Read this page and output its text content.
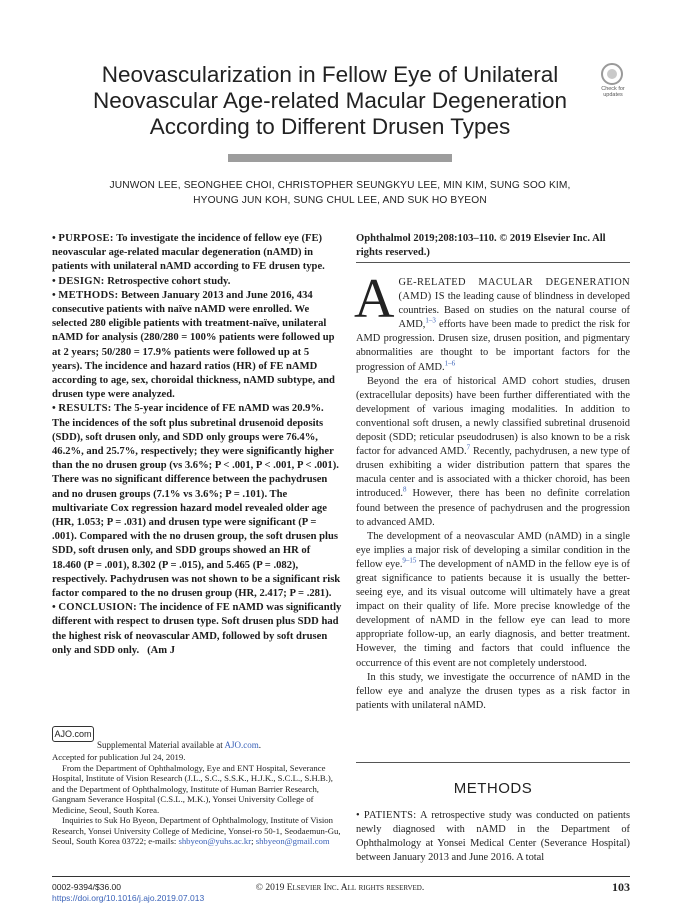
Neovascularization in Fellow Eye of Unilateral
Neovascular Age-related Macular Degeneration
According to Different Drusen Types
Check for updates
JUNWON LEE, SEONGHEE CHOI, CHRISTOPHER SEUNGKYU LEE, MIN KIM, SUNG SOO KIM,
HYOUNG JUN KOH, SUNG CHUL LEE, AND SUK HO BYEON

• PURPOSE: To investigate the incidence of fellow eye (FE) neovascular age-related macular degeneration (nAMD) in patients with unilateral nAMD according to FE drusen type.

• DESIGN: Retrospective cohort study.

• METHODS: Between January 2013 and June 2016, 434 consecutive patients with naïve nAMD were enrolled. We selected 280 eligible patients with treatment-naïve, unilateral nAMD for analysis (280/280 = 100% patients were followed up at 2 years; 50/280 = 17.9% patients were followed up at 5 years). The incidence and hazard ratios (HR) of FE nAMD according to age, sex, choroidal thickness, nAMD subtype, and drusen type were analyzed.

• RESULTS: The 5-year incidence of FE nAMD was 20.9%. The incidences of the soft plus subretinal drusenoid deposits (SDD), soft drusen only, and SDD only groups were 76.4%, 46.2%, and 25.7%, respectively; they were significantly higher than the no drusen group (vs 3.6%; P < .001, P < .001, P < .001). There was no significant difference between the pachydrusen and no drusen groups (7.1% vs 3.6%; P = .101). The multivariate Cox regression hazard model revealed older age (HR, 1.053; P = .031) and drusen type were significant (P = .001). Compared with the no drusen group, the soft drusen plus SDD, soft drusen only, and SDD groups showed an HR of 18.460 (P = .001), 8.302 (P = .015), and 5.465 (P = .082), respectively. Pachydrusen was not shown to be a significant risk factor compared to the no drusen group (HR, 2.417; P = .281).

• CONCLUSION: The incidence of FE nAMD was significantly different with respect to drusen type. Soft drusen plus SDD had the highest risk of neovascular AMD, followed by soft drusen only and SDD only. (Am J

Ophthalmol 2019;208:103–110. © 2019 Elsevier Inc. All rights reserved.)

AGE-RELATED MACULAR DEGENERATION (AMD) IS the leading cause of blindness in developed countries. Based on studies on the natural course of AMD,$^{1-3}$ efforts have been made to predict the risk for AMD progression. Drusen size, drusen position, and pigmentary abnormalities are thought to be important factors for the progression of AMD.$^{1-6}$

Beyond the era of historical AMD cohort studies, drusen (extracellular deposits) have been further differentiated with the development of various imaging modalities. In addition to conventional soft drusen, a newly classified subretinal drusenoid deposit (SDD; reticular pseudodrusen) is also known to be a risk factor for advanced AMD.$^7$ Recently, pachydrusen, a new type of drusen exhibiting a wider distribution pattern that spares the macula center and is associated with a thicker choroid, has been introduced.$^8$ However, there has been no definite correlation found between the presence of pachydrusen and the progression to advanced AMD.

The development of a neovascular AMD (nAMD) in a single eye implies a major risk of developing a similar condition in the fellow eye.$^{9-15}$ The development of nAMD in the fellow eye is of great significance to patients because it is usually the better-seeing eye, and its visual outcome will ultimately have a great impact on their quality of life. More precise knowledge of the development of nAMD in the fellow eye can lead to more appropriate follow-up, an early diagnosis, and better treatment. However, the timing and factors that could influence the occurrence of this event are not completely understood.

In this study, we investigate the occurrence of nAMD in the fellow eye and analyze the drusen types as a risk factor in patients with unilateral nAMD.

METHODS
• PATIENTS: A retrospective study was conducted on patients newly diagnosed with nAMD in the Department of Ophthalmology at Yonsei Medical Center (Severance Hospital) between January 2013 and June 2016. A total
AJO.com
Supplemental Material available at AJO.com.

Accepted for publication Jul 24, 2019.

From the Department of Ophthalmology, Eye and ENT Hospital, Severance Hospital, Institute of Vision Research (J.L., S.C., S.S.K., H.J.K., S.C.L., S.H.B.), and the Department of Ophthalmology, Institute of Human Barrier Research, Gangnam Severance Hospital (C.S.L., M.K.), Yonsei University College of Medicine, Seoul, South Korea.

Inquiries to Suk Ho Byeon, Department of Ophthalmology, Institute of Vision Research, Yonsei University College of Medicine, Yonsei-ro 50-1, Seodaemun-Gu, Seoul, South Korea 03722; e-mails: shbyeon@yuhs.ac.kr; shbyeon@gmail.com

0002-9394/$36.00
https://doi.org/10.1016/j.ajo.2019.07.013
© 2019 Elsevier Inc. All rights reserved.	103
